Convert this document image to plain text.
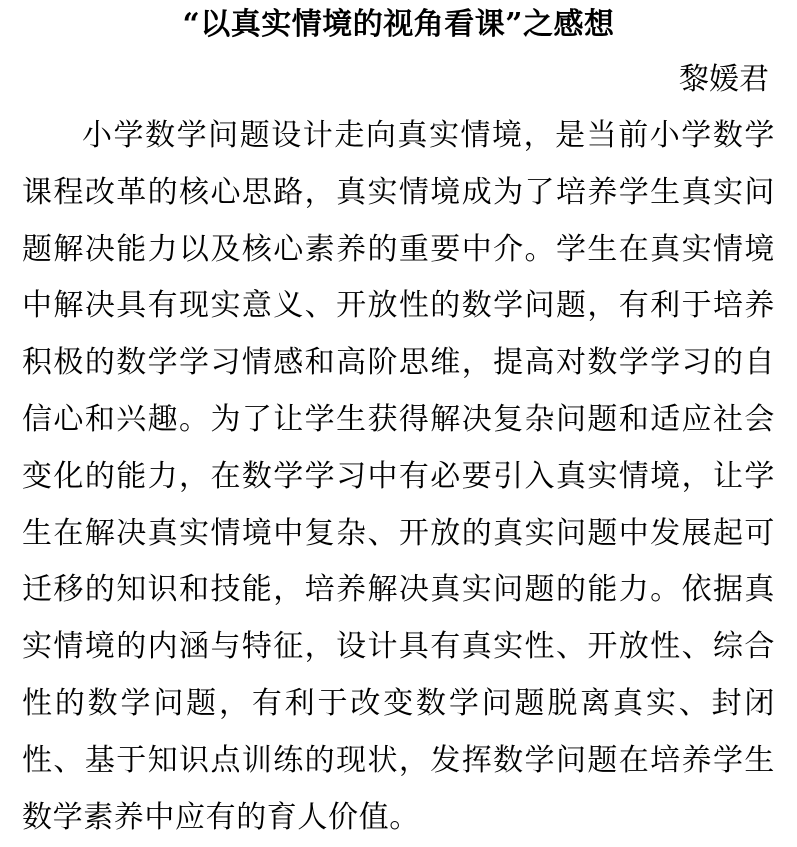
“以真实情境的视角看课”之感想

黎媛君

小学数学问题设计走向真实情境，是当前小学数学课程改革的核心思路，真实情境成为了培养学生真实问题解决能力以及核心素养的重要中介。学生在真实情境中解决具有现实意义、开放性的数学问题，有利于培养积极的数学学习情感和高阶思维，提高对数学学习的自信心和兴趣。为了让学生获得解决复杂问题和适应社会变化的能力，在数学学习中有必要引入真实情境，让学生在解决真实情境中复杂、开放的真实问题中发展起可迁移的知识和技能，培养解决真实问题的能力。依据真实情境的内涵与特征，设计具有真实性、开放性、综合性的数学问题，有利于改变数学问题脱离真实、封闭性、基于知识点训练的现状，发挥数学问题在培养学生数学素养中应有的育人价值。
